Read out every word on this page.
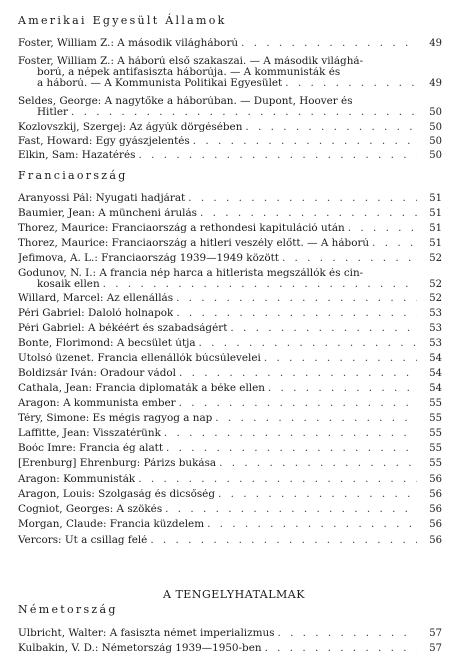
Amerikai Egyesült Államok
Foster, William Z.: A második világháború . . .	49
Foster, William Z.: A háború első szakaszai. — A második világhá-
ború, a népek antifasiszta háborúja. — A kommunisták és
a háború. — A Kommunista Politikai Egyesület . . .	49
Seldes, George: A nagytőke a háborúban. — Dupont, Hoover és
Hitler . . .	50
Kozlovszkij, Szergej: Az ágyúk dörgésében . . .	50
Fast, Howard: Egy gyászjelentés . . .	50
Elkin, Sam: Hazatérés . . .	50
Franciaország
Aranyossi Pál: Nyugati hadjárat . . .	51
Baumier, Jean: A müncheni árulás . . .	51
Thorez, Maurice: Franciaország a rethondesi kapituláció után . . .	51
Thorez, Maurice: Franciaország a hitleri veszély előtt. — A háború . . .	51
Jefimova, A. L.: Franciaország 1939—1949 között . . .	52
Godunov, N. I.: A francia nép harca a hitleristа megszállók és cin-
kosaik ellen . . .	52
Willard, Marcel: Az ellenállás . . .	52
Péri Gabriel: Daloló holnapok . . .	53
Péri Gabriel: A békéért és szabadságért . . .	53
Bonte, Florimond: A becsület útja . . .	53
Utolsó üzenet. Francia ellenállók búcsúlevelei . . .	54
Boldizsár Iván: Oradour vádol . . .	54
Cathala, Jean: Francia diplomaták a béke ellen . . .	54
Aragon: A kommunista ember . . .	55
Téry, Simone: És mégis ragyog a nap . . .	55
Laffitte, Jean: Visszatérünk . . .	55
Boóc Imre: Francia ég alatt . . .	55
[Erenburg] Ehrenburg: Párizs bukása . . .	55
Aragon: Kommunisták . . .	56
Aragon, Louis: Szolgaság és dicsőség . . .	56
Cogniot, Georges: A szökés . . .	56
Morgan, Claude: Francia küzdelem . . .	56
Vercors: Út a csillag felé . . .	56
Németország
Ulbricht, Walter: A fasiszta német imperializmus . . .	57
Kulbakin, V. D.: Németország 1939—1950-ben . . .	57
A TENGELYHATALMAK
